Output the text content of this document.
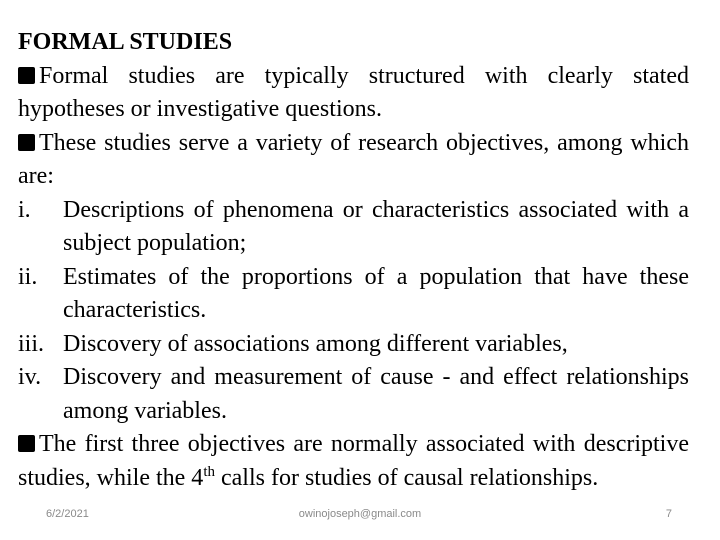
FORMAL STUDIES

Formal studies are typically structured with clearly stated hypotheses or investigative questions.

These studies serve a variety of research objectives, among which are:

i. Descriptions of phenomena or characteristics associated with a subject population;
ii. Estimates of the proportions of a population that have these characteristics.
iii. Discovery of associations among different variables,
iv. Discovery and measurement of cause - and effect relationships among variables.

The first three objectives are normally associated with descriptive studies, while the 4th calls for studies of causal relationships.

6/2/2021	owinojoseph@gmail.com	7
